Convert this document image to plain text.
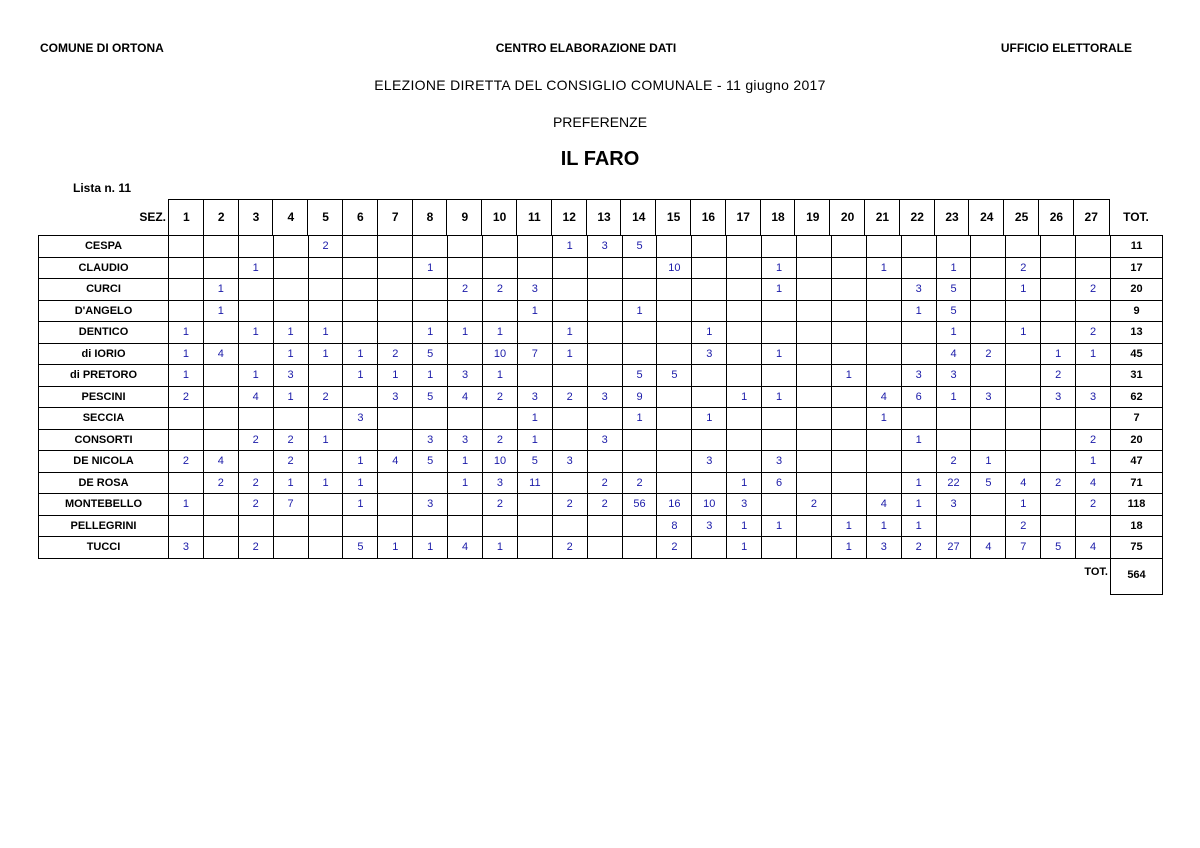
COMUNE DI ORTONA	CENTRO ELABORAZIONE DATI	UFFICIO ELETTORALE
ELEZIONE DIRETTA DEL CONSIGLIO COMUNALE - 11 giugno 2017
PREFERENZE
IL FARO
Lista n. 11
SEZ.	1	2	3	4	5	6	7	8	9	10	11	12	13	14	15	16	17	18	19	20	21	22	23	24	25	26	27	TOT.
CESPA					2							1	3	5														11
CLAUDIO			1					1							10			1			1		1		2			17
CURCI		1							2	2	3							1				3	5		1		2	20
D'ANGELO		1									1			1								1	5					9
DENTICO	1		1	1	1			1	1	1		1				1							1		1		2	13
di IORIO	1	4		1	1	1	2	5		10	7	1				3		1					4	2		1	1	45
di PRETORO	1		1	3		1	1	1	3	1				5	5					1		3	3			2		31
PESCINI	2		4	1	2		3	5	4	2	3	2	3	9			1	1			4	6	1	3		3	3	62
SECCIA						3					1			1		1					1							7
CONSORTI			2	2	1			3	3	2	1		3									1					2	20
DE NICOLA	2	4		2		1	4	5	1	10	5	3				3		3					2	1			1	47
DE ROSA		2	2	1	1	1			1	3	11		2	2			1	6				1	22	5	4	2	4	71
MONTEBELLO	1		2	7		1		3		2		2	2	56	16	10	3		2		4	1	3		1		2	118
PELLEGRINI															8	3	1	1		1	1	1			2			18
TUCCI	3		2			5	1	1	4	1		2			2		1			1	3	2	27	4	7	5	4	75
TOT.	564
